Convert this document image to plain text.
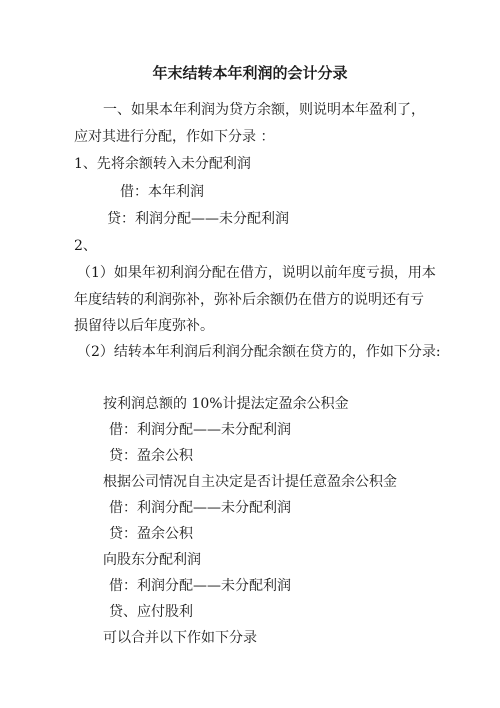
年末结转本年利润的会计分录
一、如果本年利润为贷方余额，则说明本年盈利了，
应对其进行分配，作如下分录 ：
1、先将余额转入未分配利润
借：本年利润
贷：利润分配——未分配利润
2、
（1）如果年初利润分配在借方，说明以前年度亏损，用本
年度结转的利润弥补，弥补后余额仍在借方的说明还有亏
损留待以后年度弥补。
（2）结转本年利润后利润分配余额在贷方的，作如下分录:
按利润总额的 10%计提法定盈余公积金
借：利润分配——未分配利润
贷：盈余公积
根据公司情况自主决定是否计提任意盈余公积金
借：利润分配——未分配利润
贷：盈余公积
向股东分配利润
借：利润分配——未分配利润
贷、应付股利
可以合并以下作如下分录
